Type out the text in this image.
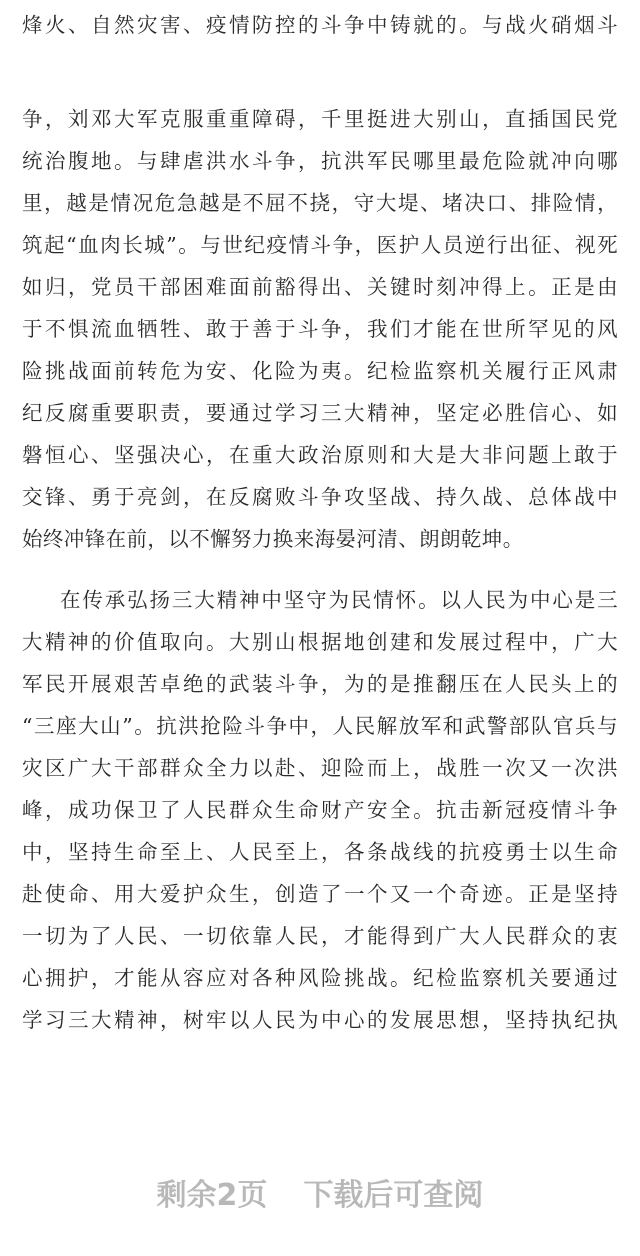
烽火、自然灾害、疫情防控的斗争中铸就的。与战火硝烟斗
争，刘邓大军克服重重障碍，千里挺进大别山，直插国民党
统治腹地。与肆虐洪水斗争，抗洪军民哪里最危险就冲向哪
里，越是情况危急越是不屈不挠，守大堤、堵决口、排险情，
筑起“血肉长城”。与世纪疫情斗争，医护人员逆行出征、视死
如归，党员干部困难面前豁得出、关键时刻冲得上。正是由
于不惧流血牺牲、敢于善于斗争，我们才能在世所罕见的风
险挑战面前转危为安、化险为夷。纪检监察机关履行正风肃
纪反腐重要职责，要通过学习三大精神，坚定必胜信心、如
磐恒心、坚强决心，在重大政治原则和大是大非问题上敢于
交锋、勇于亮剑，在反腐败斗争攻坚战、持久战、总体战中
始终冲锋在前，以不懈努力换来海晏河清、朗朗乾坤。
在传承弘扬三大精神中坚守为民情怀。以人民为中心是三
大精神的价值取向。大别山根据地创建和发展过程中，广大
军民开展艰苦卓绝的武装斗争，为的是推翻压在人民头上的
“三座大山”。抗洪抢险斗争中，人民解放军和武警部队官兵与
灾区广大干部群众全力以赴、迎险而上，战胜一次又一次洪
峰，成功保卫了人民群众生命财产安全。抗击新冠疫情斗争
中，坚持生命至上、人民至上，各条战线的抗疫勇士以生命
赴使命、用大爱护众生，创造了一个又一个奇迹。正是坚持
一切为了人民、一切依靠人民，才能得到广大人民群众的衷
心拥护，才能从容应对各种风险挑战。纪检监察机关要通过
学习三大精神，树牢以人民为中心的发展思想，坚持执纪执
剩余2页 下载后可查阅
